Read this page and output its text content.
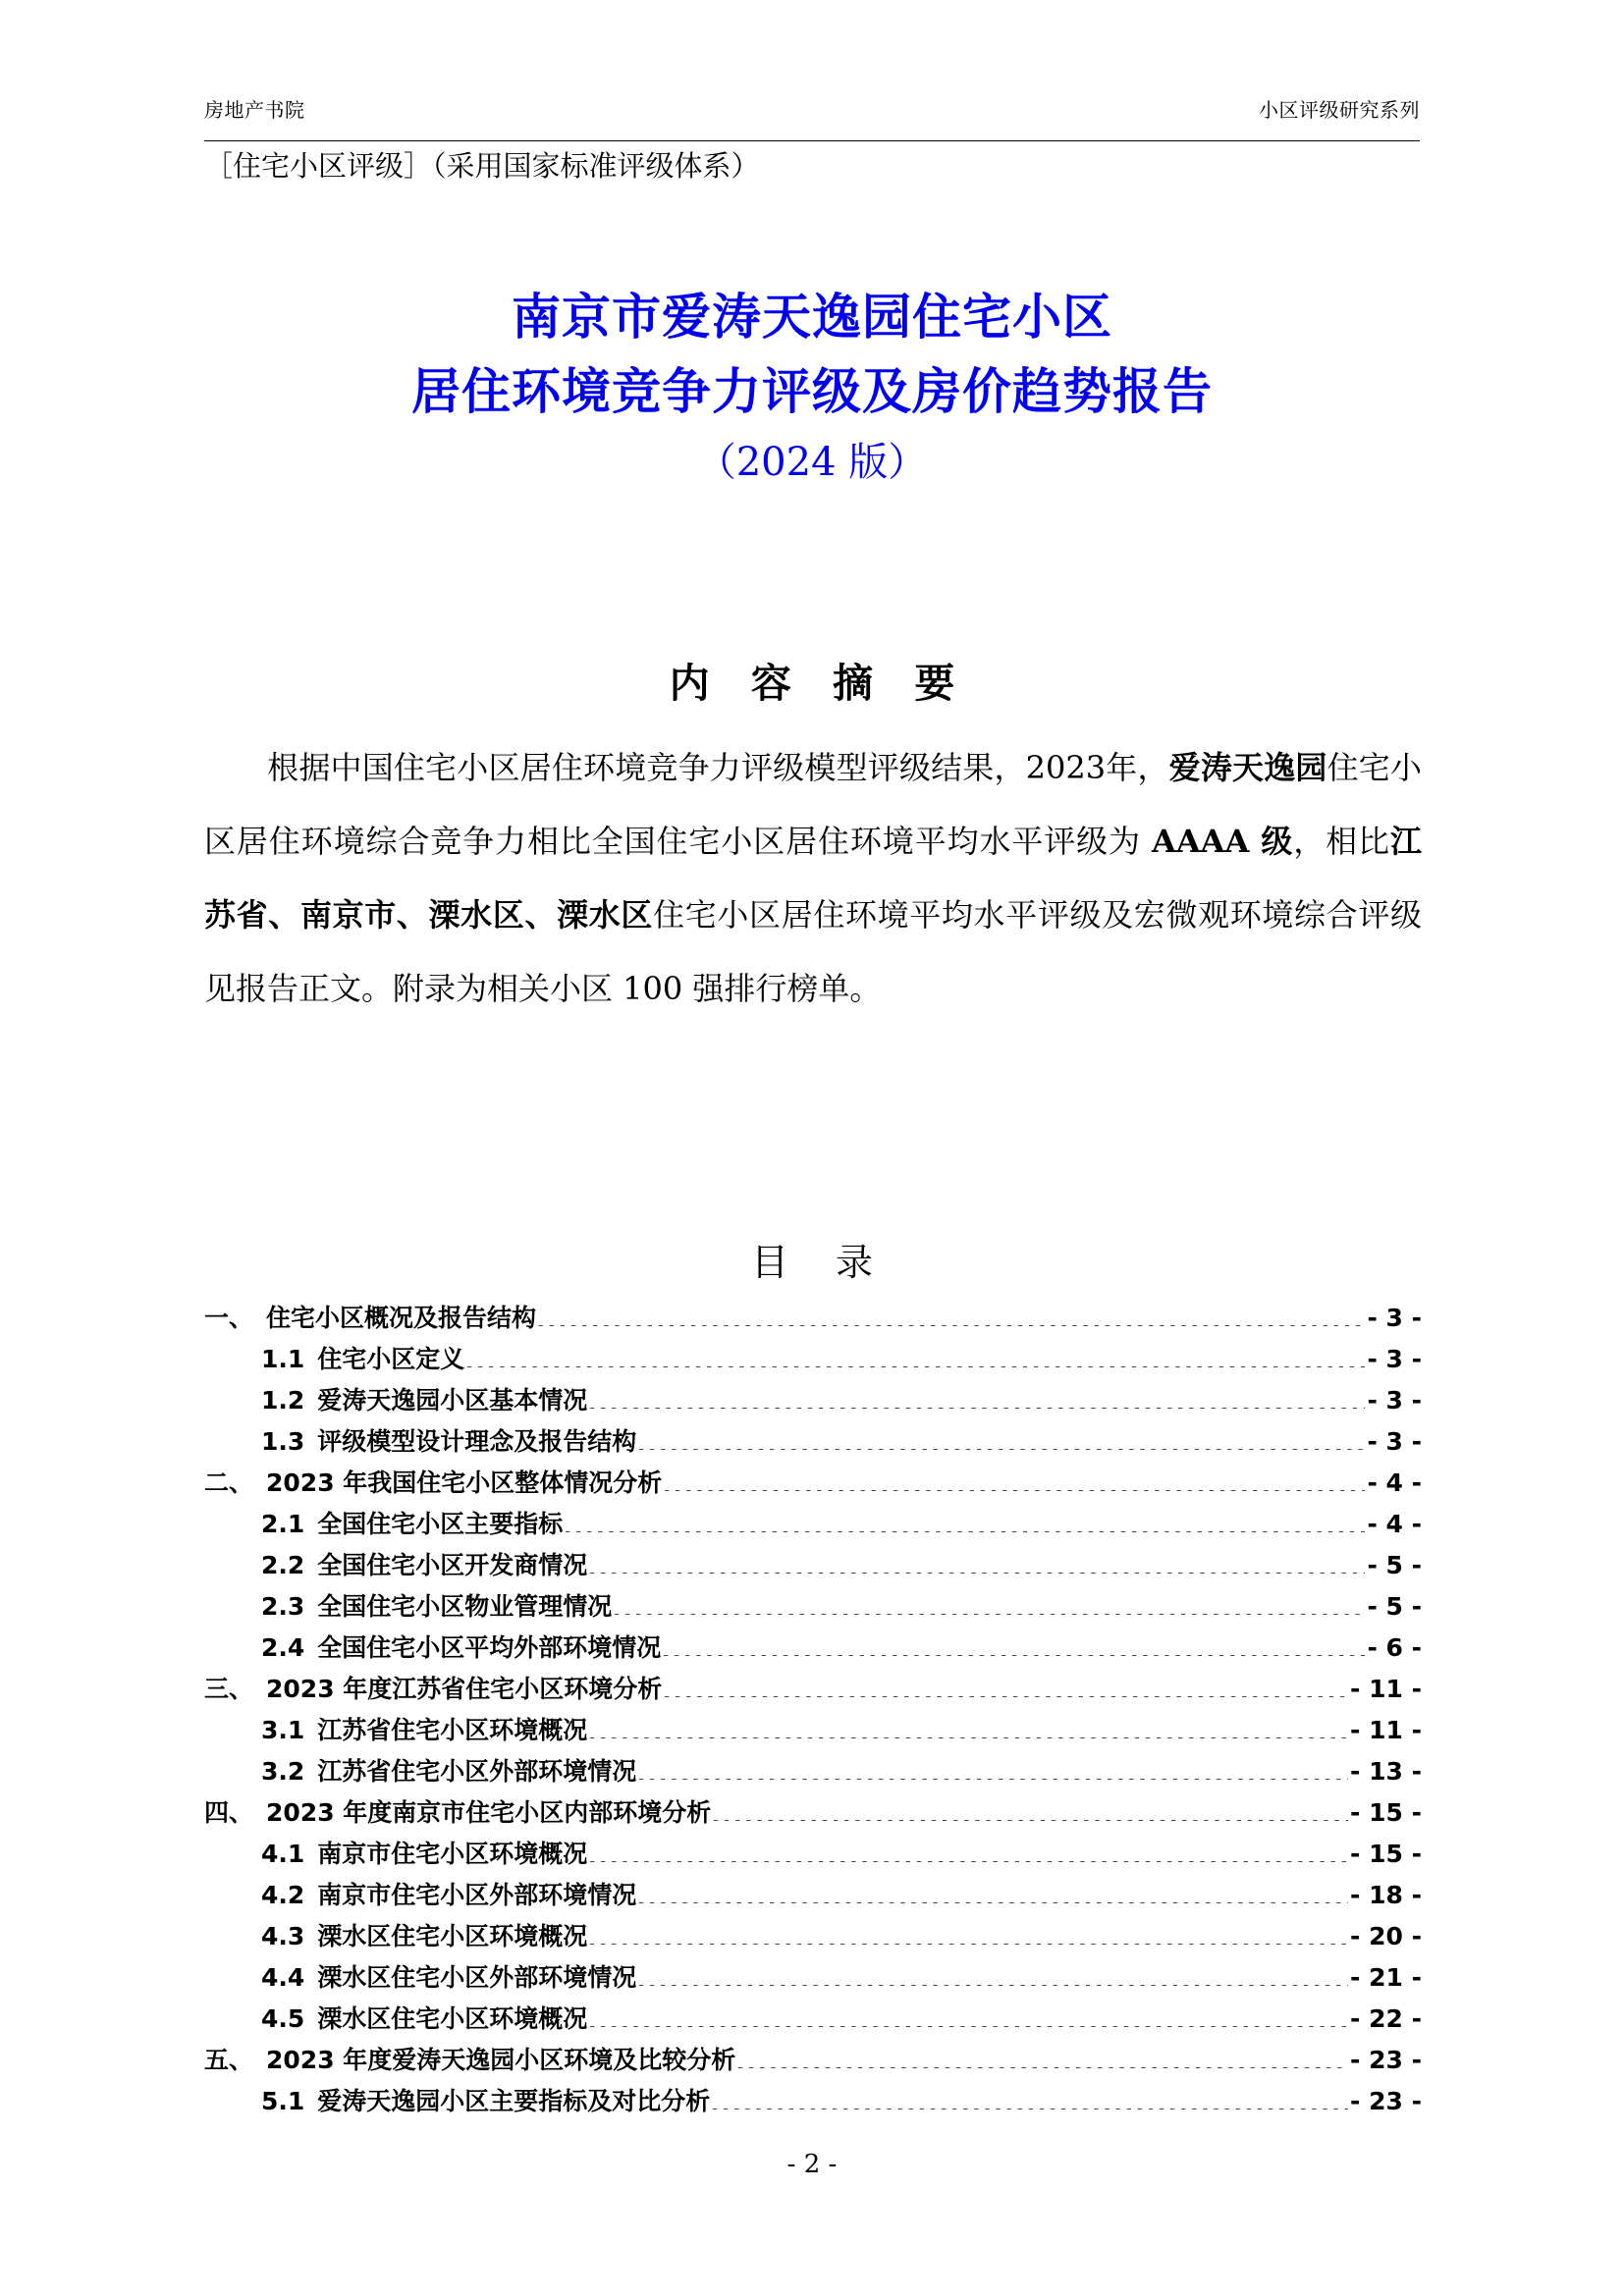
房地产书院	小区评级研究系列
［住宅小区评级］（采用国家标准评级体系）
南京市爱涛天逸园住宅小区
居住环境竞争力评级及房价趋势报告
（2024 版）
内 容 摘 要
根据中国住宅小区居住环境竞争力评级模型评级结果，2023年，爱涛天逸园住宅小区居住环境综合竞争力相比全国住宅小区居住环境平均水平评级为 AAAA 级，相比江苏省、南京市、溧水区、溧水区住宅小区居住环境平均水平评级及宏微观环境综合评级见报告正文。附录为相关小区 100 强排行榜单。
目 录
一、 住宅小区概况及报告结构 .....	- 3 -
1.1 住宅小区定义 .....	- 3 -
1.2 爱涛天逸园小区基本情况 .....	- 3 -
1.3 评级模型设计理念及报告结构 .....	- 3 -
二、 2023 年我国住宅小区整体情况分析 .....	- 4 -
2.1 全国住宅小区主要指标 .....	- 4 -
2.2 全国住宅小区开发商情况 .....	- 5 -
2.3 全国住宅小区物业管理情况 .....	- 5 -
2.4 全国住宅小区平均外部环境情况 .....	- 6 -
三、 2023 年度江苏省住宅小区环境分析 .....	- 11 -
3.1 江苏省住宅小区环境概况 .....	- 11 -
3.2 江苏省住宅小区外部环境情况 .....	- 13 -
四、 2023 年度南京市住宅小区内部环境分析 .....	- 15 -
4.1 南京市住宅小区环境概况 .....	- 15 -
4.2 南京市住宅小区外部环境情况 .....	- 18 -
4.3 溧水区住宅小区环境概况 .....	- 20 -
4.4 溧水区住宅小区外部环境情况 .....	- 21 -
4.5 溧水区住宅小区环境概况 .....	- 22 -
五、 2023 年度爱涛天逸园小区环境及比较分析 .....	- 23 -
5.1 爱涛天逸园小区主要指标及对比分析 .....	- 23 -
- 2 -
